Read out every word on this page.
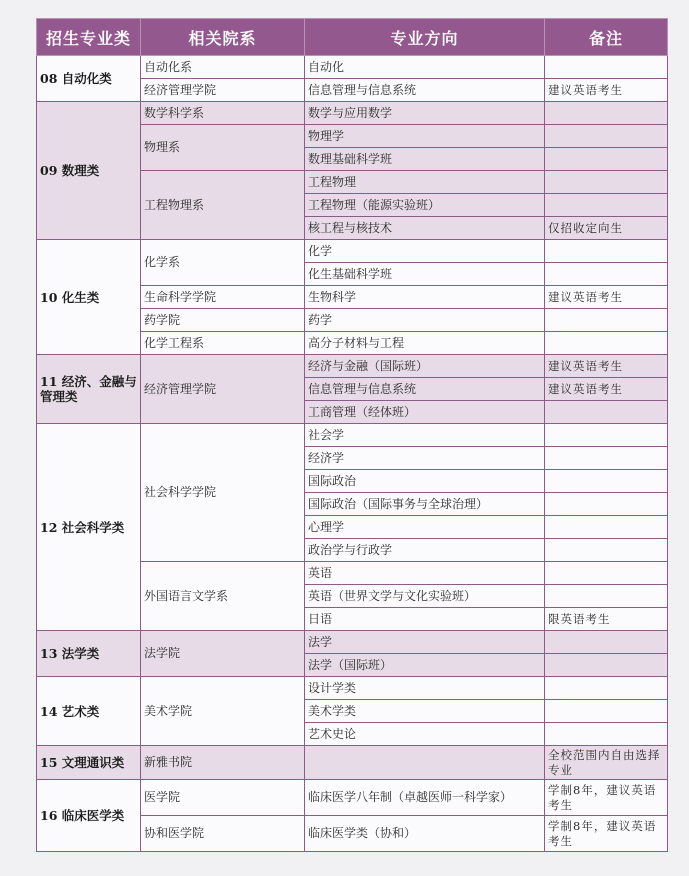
招生专业类	相关院系	专业方向	备注
08 自动化类	自动化系	自动化	
	经济管理学院	信息管理与信息系统	建议英语考生
09 数理类	数学科学系	数学与应用数学	
	物理系	物理学	
		数理基础科学班	
	工程物理系	工程物理	
		工程物理（能源实验班）	
		核工程与核技术	仅招收定向生
10 化生类	化学系	化学	
		化生基础科学班	
	生命科学学院	生物科学	建议英语考生
	药学院	药学	
	化学工程系	高分子材料与工程	
11 经济、金融与管理类	经济管理学院	经济与金融（国际班）	建议英语考生
		信息管理与信息系统	建议英语考生
		工商管理（经体班）	
12 社会科学类	社会科学学院	社会学	
		经济学	
		国际政治	
		国际政治（国际事务与全球治理）	
		心理学	
		政治学与行政学	
	外国语言文学系	英语	
		英语（世界文学与文化实验班）	
		日语	限英语考生
13 法学类	法学院	法学	
		法学（国际班）	
14 艺术类	美术学院	设计学类	
		美术学类	
		艺术史论	
15 文理通识类	新雅书院		全校范围内自由选择专业
16 临床医学类	医学院	临床医学八年制（卓越医师一科学家）	学制8年，建议英语考生
	协和医学院	临床医学类（协和）	学制8年，建议英语考生
